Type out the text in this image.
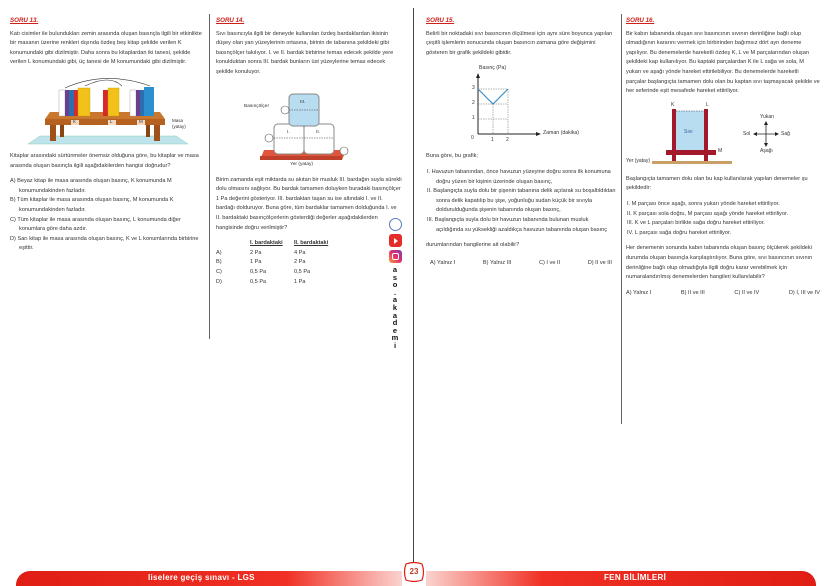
SORU 13.

Katı cisimler ile bulundukları zemin arasında oluşan basınçla ilgili bir etkinlikte bir masanın üzerine renkleri dışında özdeş beş kitap şekilde verilen K konumundaki gibi dizilmiştir. Daha sonra bu kitaplardan iki tanesi, şekilde verilen L konumundaki gibi, üç tanesi de M konumundaki gibi dizilmiştir.

K	L	M	Masa
(yatay)

Kitaplar arasındaki sürtünmeler önemsiz olduğuna göre, bu kitaplar ve masa arasında oluşan basınçla ilgili aşağıdakilerden hangisi doğrudur?

A) Beyaz kitap ile masa arasında oluşan basınç, K konumunda M konumundakinden fazladır.

B) Tüm kitaplar ile masa arasında oluşan basınç, M konumunda K konumundakinden fazladır.

C) Tüm kitaplar ile masa arasında oluşan basınç, L konumunda diğer konumlara göre daha azdır.

D) Sarı kitap ile masa arasında oluşan basınç, K ve L konumlarında birbirine eşittir.

SORU 14.

Sıvı basıncıyla ilgili bir deneyde kullanılan özdeş bardaklardan ikisinin düşey olan yan yüzeylerinin ortasına, birinin de tabanına şekildeki gibi basınçölçer takılıyor. I. ve II. bardak birbirine temas edecek şekilde yere konulduktan sonra III. bardak bunların üst yüzeylerine temas edecek şekilde konuluyor.

Basınçölçer
III.
I.	II.
Yer (yatay)

Birim zamanda eşit miktarda su akıtan bir musluk III. bardağın suyla sürekli dolu olmasını sağlıyor. Bu bardak tamamen doluyken buradaki basınçölçer 1 Pa değerini gösteriyor. III. bardaktan taşan su ise altındaki I. ve II. bardağı dolduruyor. Buna göre, tüm bardaklar tamamen dolduğunda I. ve II. bardaktaki basınçölçerlerin gösterdiği değerler aşağıdakilerden hangisinde doğru verilmiştir?

	I. bardaktaki	II. bardaktaki
A)	2 Pa	4 Pa
B)	1 Pa	2 Pa
C)	0,5 Pa	0,5 Pa
D)	0,5 Pa	1 Pa
a
s
o
.
a
k
a
d
e
m
i
SORU 15.

Belirli bir noktadaki sıvı basıncının ölçülmesi için aynı süre boyunca yapılan çeşitli işlemlerin sonucunda oluşan basıncın zamana göre değişimini gösteren bir grafik şekildeki gibidir.

Basınç (Pa)
3
2
1
0	1 2
Zaman (dakika)

Buna göre, bu grafik;

I. Havuzun tabanından, önce havuzun yüzeyine doğru sonra ilk konumuna doğru yüzen bir kişinin üzerinde oluşan basınç,

II. Başlangıçta suyla dolu bir şişenin tabanına delik açılarak su boşaltıldıktan sonra delik kapatılıp bu şişe, yoğunluğu sudan küçük bir sıvıyla doldurulduğunda şişenin tabanında oluşan basınç,

III. Başlangıçta suyla dolu bir havuzun tabanında bulunan musluk açıldığında su yüksekliği azaldıkça havuzun tabanında oluşan basınç

durumlarından hangilerine ait olabilir?

A) Yalnız I	B) Yalnız III	C) I ve II	D) II ve III
SORU 16.

Bir kabın tabanında oluşan sıvı basıncının sıvının derinliğine bağlı olup olmadığının kararını vermek için birbirinden bağımsız dört ayrı deneme yapılıyor. Bu denemelerde hareketli özdeş K, L ve M parçalarından oluşan şekildeki kap kullanılıyor. Bu kaptaki parçalardan K ile L sağa ve sola, M yukarı ve aşağı yönde hareket ettirilebiliyor. Bu denemelerde hareketli parçalar başlangıçta tamamen dolu olan bu kaptan sıvı taşmayacak şekilde ve her seferinde eşit mesafede hareket ettiriliyor.

K	L
M
Sıvı
Yer (yatay)
Yukarı
Aşağı
Sol	Sağ

Başlangıçta tamamen dolu olan bu kap kullanılarak yapılan denemeler şu şekildedir:

I. M parçası önce aşağı, sonra yukarı yönde hareket ettiriliyor.

II. K parçası sola doğru, M parçası aşağı yönde hareket ettiriliyor.

III. K ve L parçaları birlikte sağa doğru hareket ettiriliyor.

IV. L parçası sağa doğru hareket ettiriliyor.

Her denemenin sonunda kabın tabanında oluşan basınç ölçülerek şekildeki durumda oluşan basınçla karşılaştırılıyor. Buna göre, sıvı basıncının sıvının derinliğine bağlı olup olmadığıyla ilgili doğru karar verebilmek için numaralandırılmış denemelerden hangileri kullanılabilir?

A) Yalnız I	B) II ve III	C) II ve IV	D) I, III ve IV
liselere geçiş sınavı - LGS	FEN BİLİMLERİ
23
